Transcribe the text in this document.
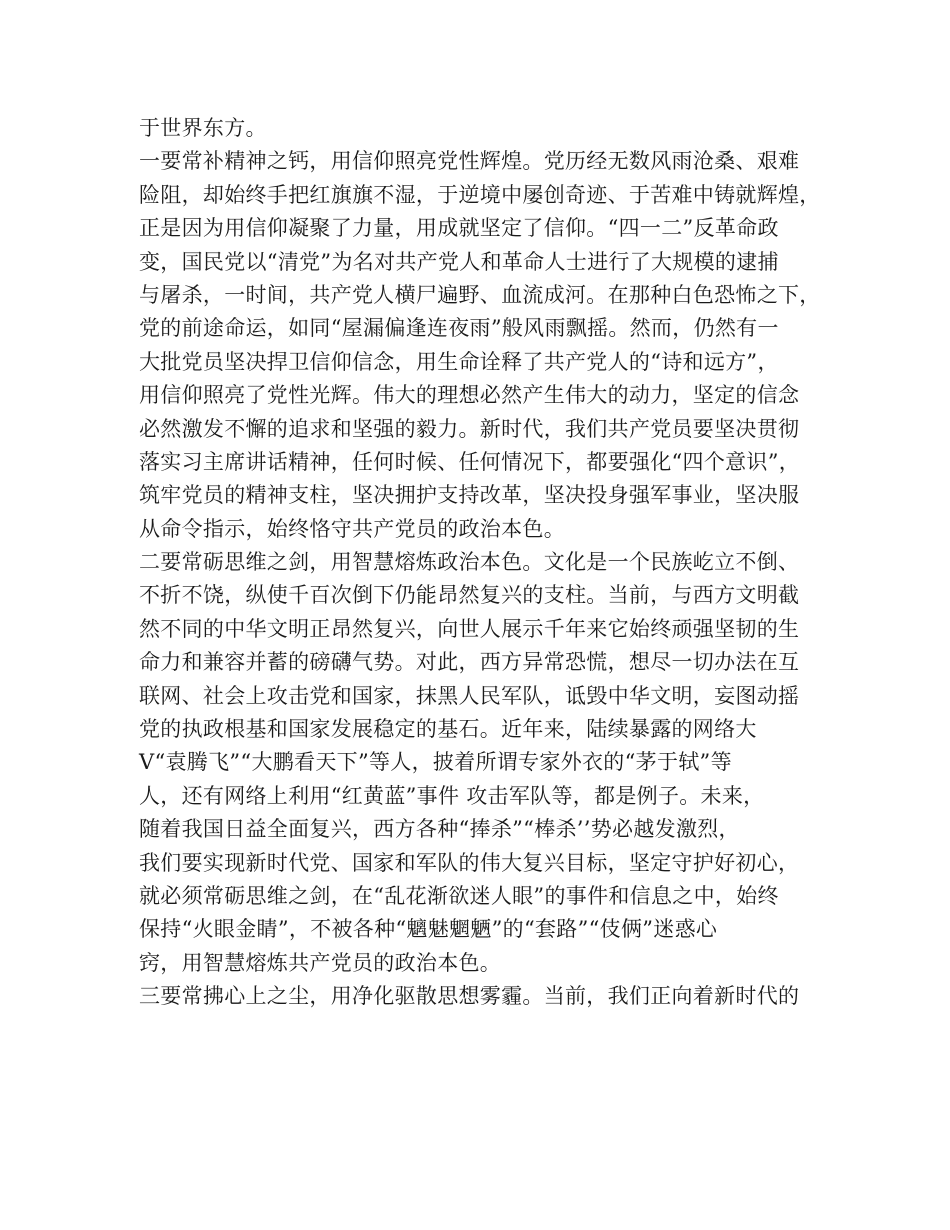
于世界东方。
一要常补精神之钙，用信仰照亮党性辉煌。党历经无数风雨沧桑、艰难
险阻，却始终手把红旗旗不湿，于逆境中屡创奇迹、于苦难中铸就辉煌，
正是因为用信仰凝聚了力量，用成就坚定了信仰。“四一二”反革命政
变，国民党以“清党”为名对共产党人和革命人士进行了大规模的逮捕
与屠杀，一时间，共产党人横尸遍野、血流成河。在那种白色恐怖之下，
党的前途命运，如同“屋漏偏逢连夜雨”般风雨飘摇。然而，仍然有一
大批党员坚决捍卫信仰信念，用生命诠释了共产党人的“诗和远方”，
用信仰照亮了党性光辉。伟大的理想必然产生伟大的动力，坚定的信念
必然激发不懈的追求和坚强的毅力。新时代，我们共产党员要坚决贯彻
落实习主席讲话精神，任何时候、任何情况下，都要强化“四个意识”，
筑牢党员的精神支柱，坚决拥护支持改革，坚决投身强军事业，坚决服
从命令指示，始终恪守共产党员的政治本色。
二要常砺思维之剑，用智慧熔炼政治本色。文化是一个民族屹立不倒、
不折不饶，纵使千百次倒下仍能昂然复兴的支柱。当前，与西方文明截
然不同的中华文明正昂然复兴，向世人展示千年来它始终顽强坚韧的生
命力和兼容并蓄的磅礴气势。对此，西方异常恐慌，想尽一切办法在互
联网、社会上攻击党和国家，抹黑人民军队，诋毁中华文明，妄图动摇
党的执政根基和国家发展稳定的基石。近年来，陆续暴露的网络大
V“袁腾飞”“大鹏看天下”等人，披着所谓专家外衣的“茅于轼”等
人，还有网络上利用“红黄蓝”事件 攻击军队等，都是例子。未来，
随着我国日益全面复兴，西方各种“捧杀”“棒杀’’势必越发激烈，
我们要实现新时代党、国家和军队的伟大复兴目标，坚定守护好初心，
就必须常砺思维之剑，在“乱花渐欲迷人眼”的事件和信息之中，始终
保持“火眼金睛”，不被各种“魑魅魍魉”的“套路”“伎俩”迷惑心
窍，用智慧熔炼共产党员的政治本色。
三要常拂心上之尘，用净化驱散思想雾霾。当前，我们正向着新时代的
